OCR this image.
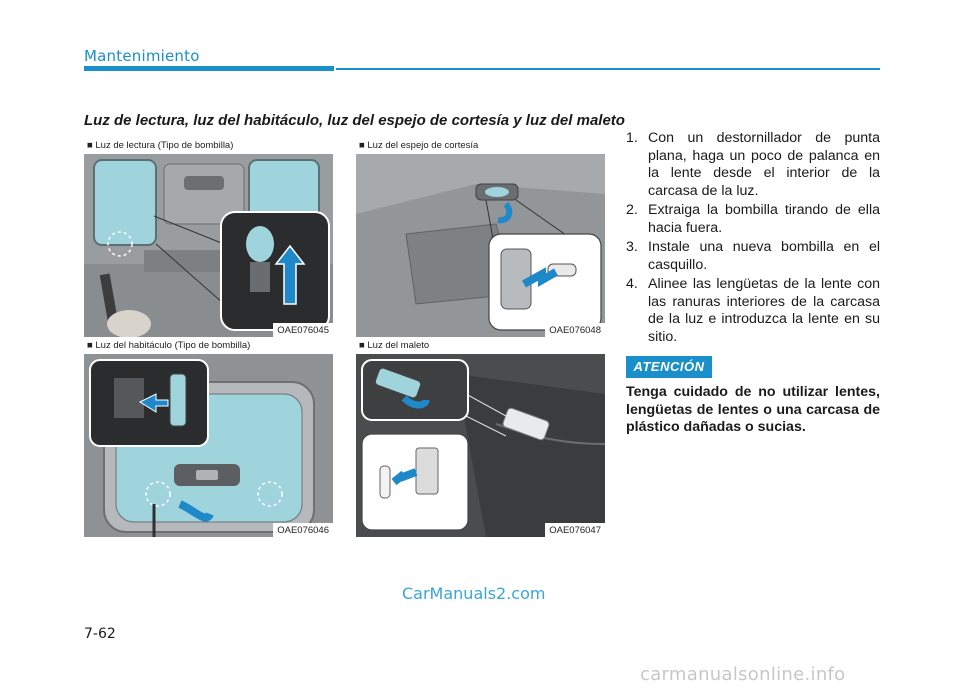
Mantenimiento
Luz de lectura, luz del habitáculo, luz del espejo de cortesía y luz del maleto
■ Luz de lectura (Tipo de bombilla)
OAE076045
■ Luz del espejo de cortesía
OAE076048
■ Luz del habitáculo (Tipo de bombilla)
OAE076046
■ Luz del maleto
OAE076047
1. Con un destornillador de punta plana, haga un poco de palanca en la lente desde el interior de la carcasa de la luz.
2. Extraiga la bombilla tirando de ella hacia fuera.
3. Instale una nueva bombilla en el casquillo.
4. Alinee las lengüetas de la lente con las ranuras interiores de la carcasa de la luz e introduzca la lente en su sitio.
ATENCIÓN
Tenga cuidado de no utilizar lentes, lengüetas de lentes o una carcasa de plástico dañadas o sucias.
CarManuals2.com
7-62
carmanualsonline.info
